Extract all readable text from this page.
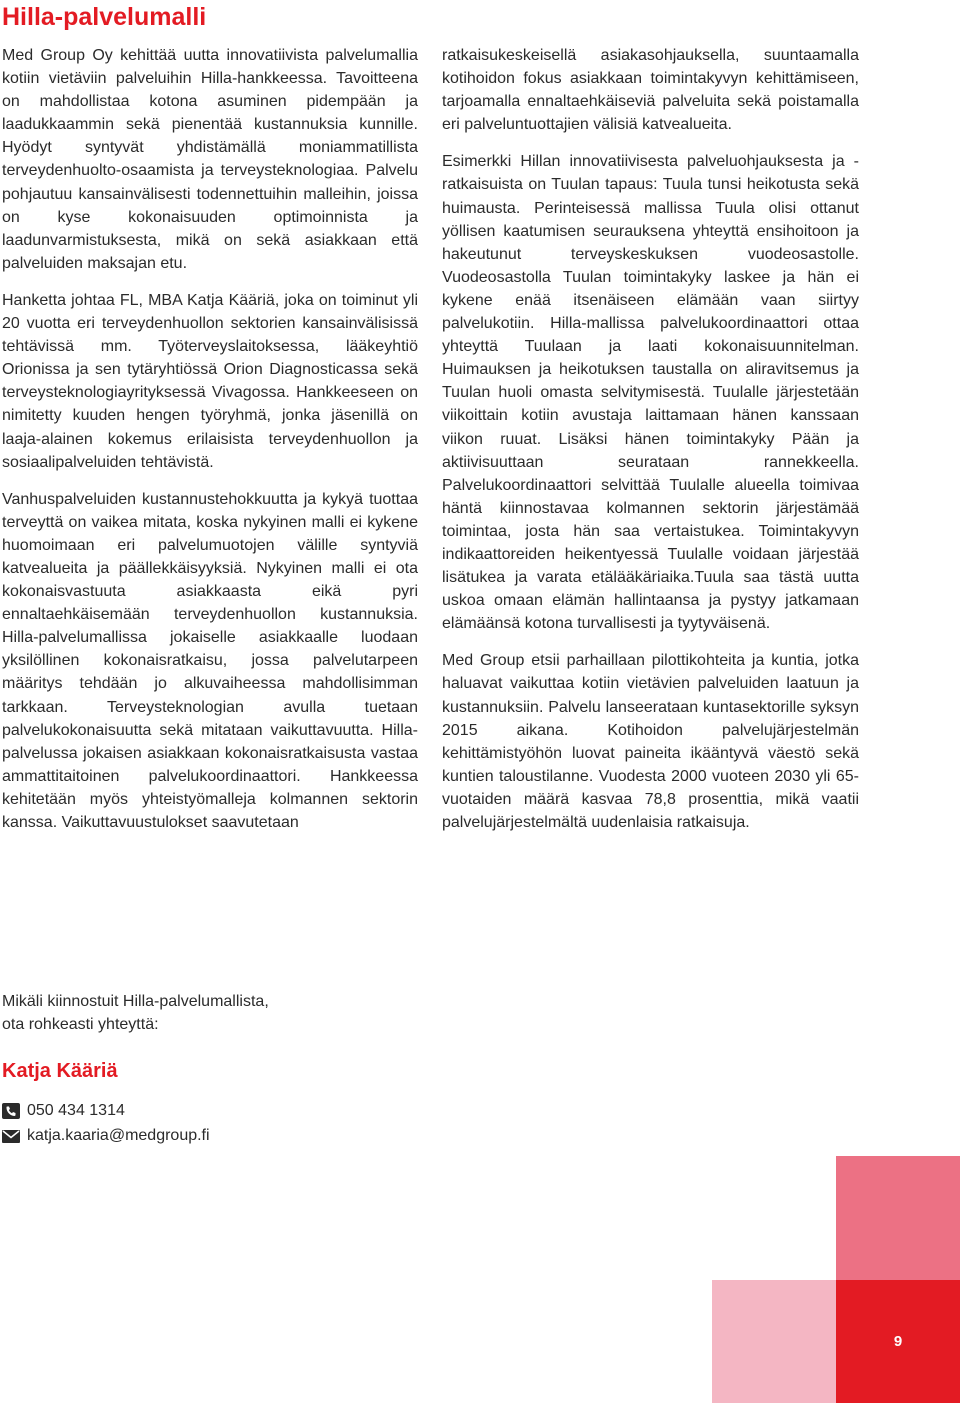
Hilla-palvelumalli

Med Group Oy kehittää uutta innovatiivista palvelumallia kotiin vietäviin palveluihin Hilla-hankkeessa. Tavoitteena on mahdollistaa kotona asuminen pidempään ja laadukkaammin sekä pienentää kustannuksia kunnille. Hyödyt syntyvät yhdistämällä moniammatillista terveydenhuolto-osaamista ja terveysteknologiaa. Palvelu pohjautuu kansainvälisesti todennettuihin malleihin, joissa on kyse kokonaisuuden optimoinnista ja laadunvarmistuksesta, mikä on sekä asiakkaan että palveluiden maksajan etu.

Hanketta johtaa FL, MBA Katja Kääriä, joka on toiminut yli 20 vuotta eri terveydenhuollon sektorien kansainvälisissä tehtävissä mm. Työterveyslaitoksessa, lääkeyhtiö Orionissa ja sen tytäryhtiössä Orion Diagnosticassa sekä terveysteknologiayrityksessä Vivagossa. Hankkeeseen on nimitetty kuuden hengen työryhmä, jonka jäsenillä on laaja-alainen kokemus erilaisista terveydenhuollon ja sosiaalipalveluiden tehtävistä.

Vanhuspalveluiden kustannustehokkuutta ja kykyä tuottaa terveyttä on vaikea mitata, koska nykyinen malli ei kykene huomoimaan eri palvelumuotojen välille syntyviä katvealueita ja päällekkäisyyksiä. Nykyinen malli ei ota kokonaisvastuuta asiakkaasta eikä pyri ennaltaehkäisemään terveydenhuollon kustannuksia. Hilla-palvelumallissa jokaiselle asiakkaalle luodaan yksilöllinen kokonaisratkaisu, jossa palvelutarpeen määritys tehdään jo alkuvaiheessa mahdollisimman tarkkaan. Terveysteknologian avulla tuetaan palvelukokonaisuutta sekä mitataan vaikuttavuutta. Hilla-palvelussa jokaisen asiakkaan kokonaisratkaisusta vastaa ammattitaitoinen palvelukoordinaattori. Hankkeessa kehitetään myös yhteistyömalleja kolmannen sektorin kanssa. Vaikuttavuustulokset saavutetaan

ratkaisukeskeisellä asiakasohjauksella, suuntaamalla kotihoidon fokus asiakkaan toimintakyvyn kehittämiseen, tarjoamalla ennaltaehkäiseviä palveluita sekä poistamalla eri palveluntuottajien välisiä katvealueita.

Esimerkki Hillan innovatiivisesta palveluohjauksesta ja -ratkaisuista on Tuulan tapaus: Tuula tunsi heikotusta sekä huimausta. Perinteisessä mallissa Tuula olisi ottanut yöllisen kaatumisen seurauksena yhteyttä ensihoitoon ja hakeutunut terveyskeskuksen vuodeosastolle. Vuodeosastolla Tuulan toimintakyky laskee ja hän ei kykene enää itsenäiseen elämään vaan siirtyy palvelukotiin. Hilla-mallissa palvelukoordinaattori ottaa yhteyttä Tuulaan ja laati kokonaisuunnitelman. Huimauksen ja heikotuksen taustalla on aliravitsemus ja Tuulan huoli omasta selvitymisestä. Tuulalle järjestetään viikoittain kotiin avustaja laittamaan hänen kanssaan viikon ruuat. Lisäksi hänen toimintakyky Pään ja aktiivisuuttaan seurataan rannekkeella. Palvelukoordinaattori selvittää Tuulalle alueella toimivaa häntä kiinnostavaa kolmannen sektorin järjestämää toimintaa, josta hän saa vertaistukea. Toimintakyvyn indikaattoreiden heikentyessä Tuulalle voidaan järjestää lisätukea ja varata etälääkäriaika.Tuula saa tästä uutta uskoa omaan elämän hallintaansa ja pystyy jatkamaan elämäänsä kotona turvallisesti ja tyytyväisenä.

Med Group etsii parhaillaan pilottikohteita ja kuntia, jotka haluavat vaikuttaa kotiin vietävien palveluiden laatuun ja kustannuksiin. Palvelu lanseerataan kuntasektorille syksyn 2015 aikana. Kotihoidon palvelujärjestelmän kehittämistyöhön luovat paineita ikääntyvä väestö sekä kuntien taloustilanne. Vuodesta 2000 vuoteen 2030 yli 65-vuotaiden määrä kasvaa 78,8 prosenttia, mikä vaatii palvelujärjestelmältä uudenlaisia ratkaisuja.

Mikäli kiinnostuit Hilla-palvelumallista,

ota rohkeasti yhteyttä:

Katja Kääriä

050 434 1314
katja.kaaria@medgroup.fi
9
